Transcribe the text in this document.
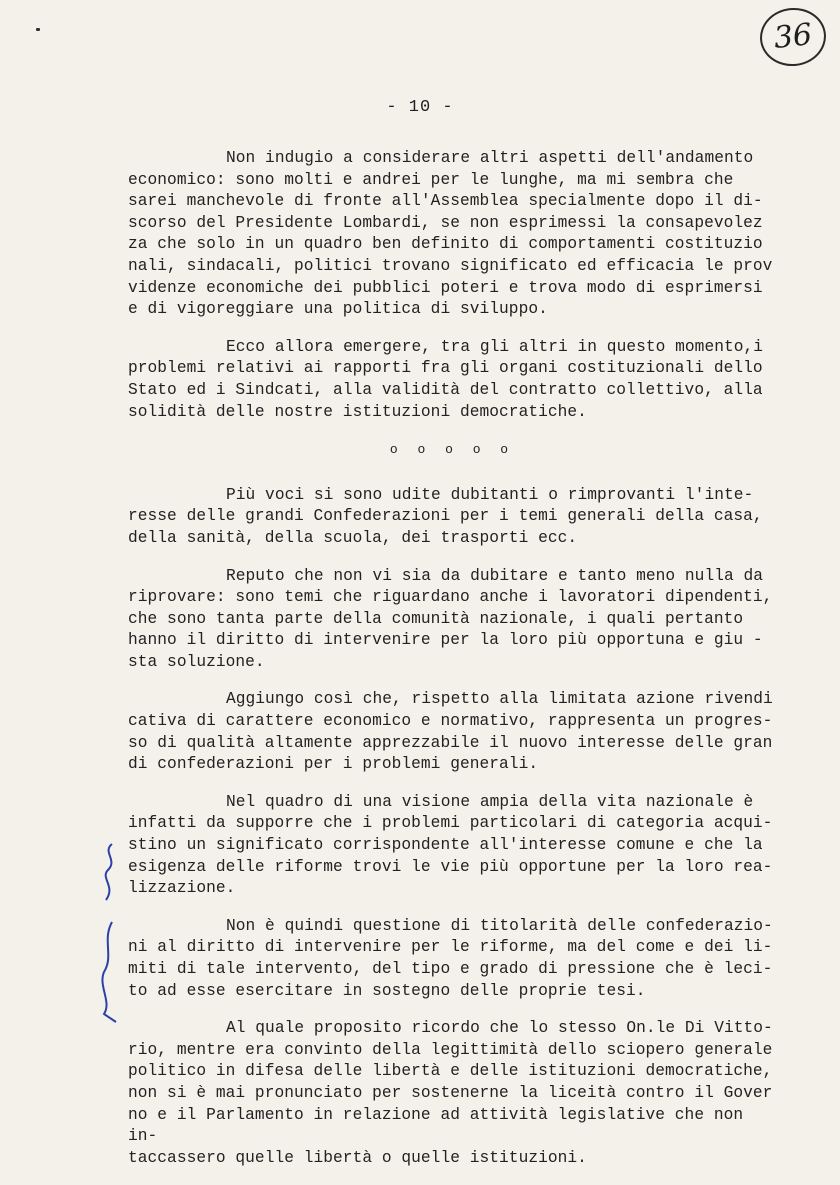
36
- 10 -

Non indugio a considerare altri aspetti dell'andamento
economico: sono molti e andrei per le lunghe, ma mi sembra che
sarei manchevole di fronte all'Assemblea specialmente dopo il di-
scorso del Presidente Lombardi, se non esprimessi la consapevolez
za che solo in un quadro ben definito di comportamenti costituzio
nali, sindacali, politici trovano significato ed efficacia le prov
videnze economiche dei pubblici poteri e trova modo di esprimersi
e di vigoreggiare una politica di sviluppo.

Ecco allora emergere, tra gli altri in questo momento,i
problemi relativi ai rapporti fra gli organi costituzionali dello
Stato ed i Sindcati, alla validità del contratto collettivo, alla
solidità delle nostre istituzioni democratiche.

o o o o o

Più voci si sono udite dubitanti o rimprovanti l'inte-
resse delle grandi Confederazioni per i temi generali della casa,
della sanità, della scuola, dei trasporti ecc.

Reputo che non vi sia da dubitare e tanto meno nulla da
riprovare: sono temi che riguardano anche i lavoratori dipendenti,
che sono tanta parte della comunità nazionale, i quali pertanto
hanno il diritto di intervenire per la loro più opportuna e giu -
sta soluzione.

Aggiungo così che, rispetto alla limitata azione rivendi
cativa di carattere economico e normativo, rappresenta un progres-
so di qualità altamente apprezzabile il nuovo interesse delle gran
di confederazioni per i problemi generali.

Nel quadro di una visione ampia della vita nazionale è
infatti da supporre che i problemi particolari di categoria acqui-
stino un significato corrispondente all'interesse comune e che la
esigenza delle riforme trovi le vie più opportune per la loro rea-
lizzazione.

Non è quindi questione di titolarità delle confederazio-
ni al diritto di intervenire per le riforme, ma del come e dei li-
miti di tale intervento, del tipo e grado di pressione che è leci-
to ad esse esercitare in sostegno delle proprie tesi.

Al quale proposito ricordo che lo stesso On.le Di Vitto-
rio, mentre era convinto della legittimità dello sciopero generale
politico in difesa delle libertà e delle istituzioni democratiche,
non si è mai pronunciato per sostenerne la liceità contro il Gover
no e il Parlamento in relazione ad attività legislative che non in-
taccassero quelle libertà o quelle istituzioni.
